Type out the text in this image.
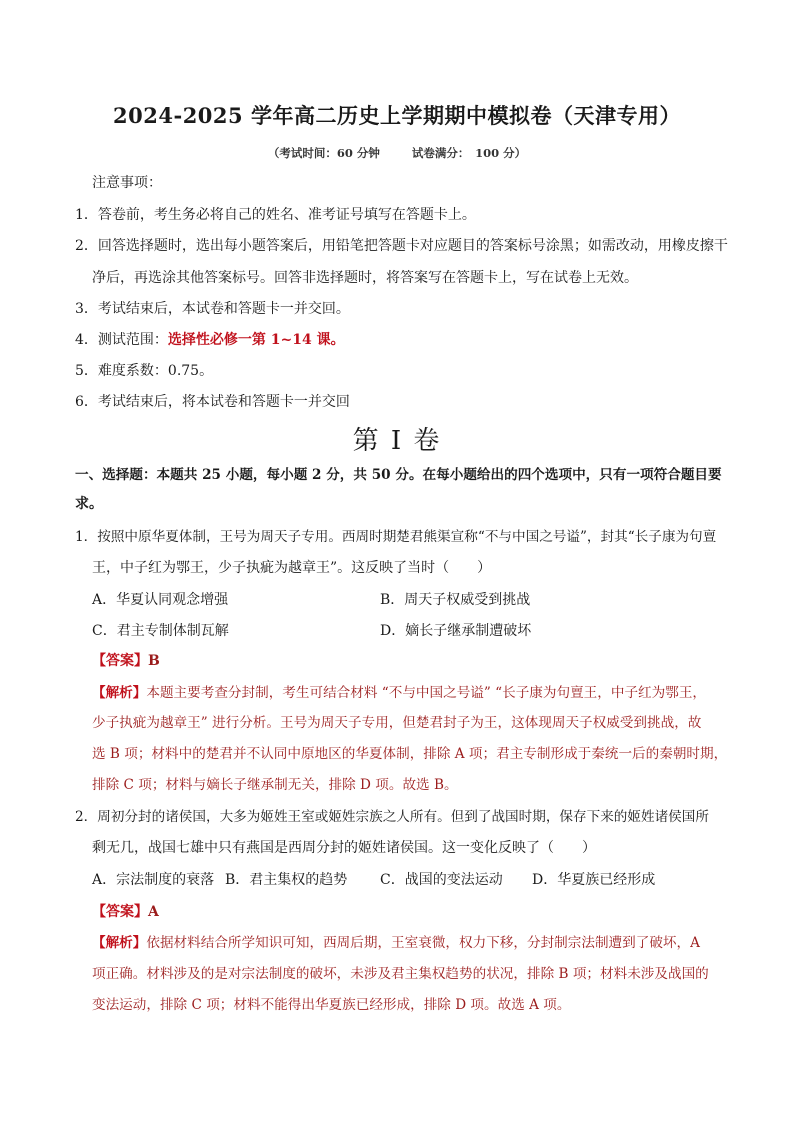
2024-2025 学年高二历史上学期期中模拟卷（天津专用）
（考试时间：60 分钟	试卷满分：　100 分）
注意事项：
1．答卷前，考生务必将自己的姓名、准考证号填写在答题卡上。
2．回答选择题时，选出每小题答案后，用铅笔把答题卡对应题目的答案标号涂黑；如需改动，用橡皮擦干
净后，再选涂其他答案标号。回答非选择题时，将答案写在答题卡上，写在试卷上无效。
3．考试结束后，本试卷和答题卡一并交回。
4．测试范围：选择性必修一第 1~14 课。
5．难度系数：0.75。
6．考试结束后，将本试卷和答题卡一并交回
第 I 卷
一、选择题：本题共 25 小题，每小题 2 分，共 50 分。在每小题给出的四个选项中，只有一项符合题目要
求。
1．按照中原华夏体制，王号为周天子专用。西周时期楚君熊渠宣称“不与中国之号谥”，封其“长子康为句亶
王，中子红为鄂王，少子执疵为越章王”。这反映了当时（　　）
A．华夏认同观念增强	B．周天子权威受到挑战
C．君主专制体制瓦解	D．嫡长子继承制遭破坏
【答案】B
【解析】本题主要考查分封制，考生可结合材料 “不与中国之号谥” “长子康为句亶王，中子红为鄂王，
少子执疵为越章王” 进行分析。王号为周天子专用，但楚君封子为王，这体现周天子权威受到挑战，故
选 B 项；材料中的楚君并不认同中原地区的华夏体制，排除 A 项；君主专制形成于秦统一后的秦朝时期，
排除 C 项；材料与嫡长子继承制无关，排除 D 项。故选 B。
2．周初分封的诸侯国，大多为姬姓王室或姬姓宗族之人所有。但到了战国时期，保存下来的姬姓诸侯国所
剩无几，战国七雄中只有燕国是西周分封的姬姓诸侯国。这一变化反映了（　　）
A．宗法制度的衰落 B．君主集权的趋势 C．战国的变法运动 D．华夏族已经形成
【答案】A
【解析】依据材料结合所学知识可知，西周后期，王室衰微，权力下移，分封制宗法制遭到了破坏，A
项正确。材料涉及的是对宗法制度的破坏，未涉及君主集权趋势的状况，排除 B 项；材料未涉及战国的
变法运动，排除 C 项；材料不能得出华夏族已经形成，排除 D 项。故选 A 项。
